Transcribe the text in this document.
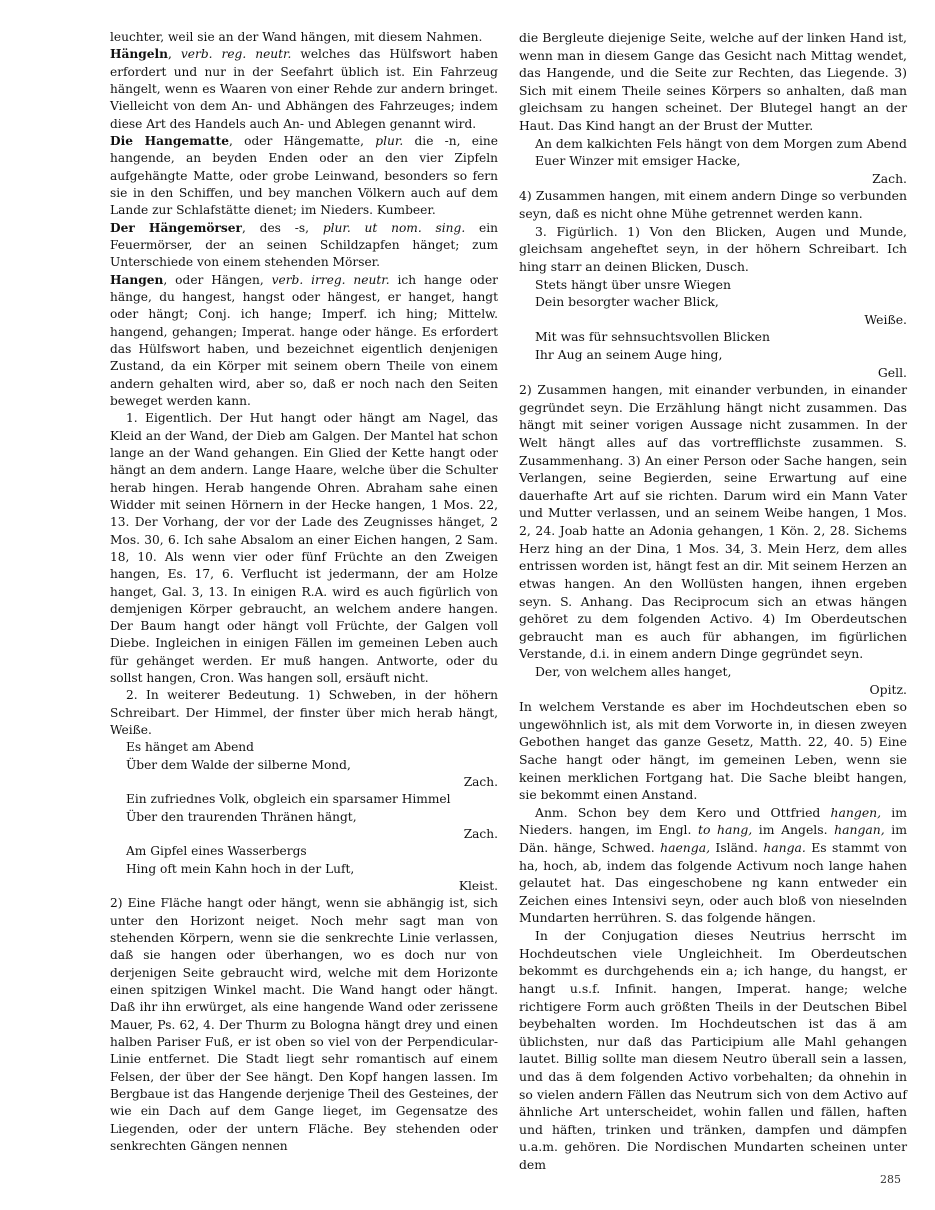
leuchter, weil sie an der Wand hängen, mit diesem Nahmen.

Hängeln, verb. reg. neutr. welches das Hülfswort haben erfordert und nur in der Seefahrt üblich ist. Ein Fahrzeug hängelt, wenn es Waaren von einer Rehde zur andern bringet. Vielleicht von dem An- und Abhängen des Fahrzeuges; indem diese Art des Handels auch An- und Ablegen genannt wird.

Die Hangematte, oder Hängematte, plur. die -n, eine hangende, an beyden Enden oder an den vier Zipfeln aufgehängte Matte, oder grobe Leinwand, besonders so fern sie in den Schiffen, und bey manchen Völkern auch auf dem Lande zur Schlafstätte dienet; im Nieders. Kumbeer.

Der Hängemörser, des -s, plur. ut nom. sing. ein Feuermörser, der an seinen Schildzapfen hänget; zum Unterschiede von einem stehenden Mörser.

Hangen, oder Hängen, verb. irreg. neutr. ich hange oder hänge, du hangest, hangst oder hängest, er hanget, hangt oder hängt; Conj. ich hange; Imperf. ich hing; Mittelw. hangend, gehangen; Imperat. hange oder hänge. Es erfordert das Hülfswort haben, und bezeichnet eigentlich denjenigen Zustand, da ein Körper mit seinem obern Theile von einem andern gehalten wird, aber so, daß er noch nach den Seiten beweget werden kann.

1. Eigentlich. Der Hut hangt oder hängt am Nagel, das Kleid an der Wand, der Dieb am Galgen. Der Mantel hat schon lange an der Wand gehangen. Ein Glied der Kette hangt oder hängt an dem andern. Lange Haare, welche über die Schulter herab hingen. Herab hangende Ohren. Abraham sahe einen Widder mit seinen Hörnern in der Hecke hangen, 1 Mos. 22, 13. Der Vorhang, der vor der Lade des Zeugnisses hänget, 2 Mos. 30, 6. Ich sahe Absalom an einer Eichen hangen, 2 Sam. 18, 10. Als wenn vier oder fünf Früchte an den Zweigen hangen, Es. 17, 6. Verflucht ist jedermann, der am Holze hanget, Gal. 3, 13. In einigen R.A. wird es auch figürlich von demjenigen Körper gebraucht, an welchem andere hangen. Der Baum hangt oder hängt voll Früchte, der Galgen voll Diebe. Ingleichen in einigen Fällen im gemeinen Leben auch für gehänget werden. Er muß hangen. Antworte, oder du sollst hangen, Cron. Was hangen soll, ersäuft nicht.

2. In weiterer Bedeutung. 1) Schweben, in der höhern Schreibart. Der Himmel, der finster über mich herab hängt, Weiße.

Es hänget am Abend

Über dem Walde der silberne Mond,

Zach.

Ein zufriednes Volk, obgleich ein sparsamer Himmel

Über den traurenden Thränen hängt,

Zach.

Am Gipfel eines Wasserbergs

Hing oft mein Kahn hoch in der Luft,

Kleist.

2) Eine Fläche hangt oder hängt, wenn sie abhängig ist, sich unter den Horizont neiget. Noch mehr sagt man von stehenden Körpern, wenn sie die senkrechte Linie verlassen, daß sie hangen oder überhangen, wo es doch nur von derjenigen Seite gebraucht wird, welche mit dem Horizonte einen spitzigen Winkel macht. Die Wand hangt oder hängt. Daß ihr ihn erwürget, als eine hangende Wand oder zerissene Mauer, Ps. 62, 4. Der Thurm zu Bologna hängt drey und einen halben Pariser Fuß, er ist oben so viel von der Perpendicular-Linie entfernet. Die Stadt liegt sehr romantisch auf einem Felsen, der über der See hängt. Den Kopf hangen lassen. Im Bergbaue ist das Hangende derjenige Theil des Gesteines, der wie ein Dach auf dem Gange lieget, im Gegensatze des Liegenden, oder der untern Fläche. Bey stehenden oder senkrechten Gängen nennen

die Bergleute diejenige Seite, welche auf der linken Hand ist, wenn man in diesem Gange das Gesicht nach Mittag wendet, das Hangende, und die Seite zur Rechten, das Liegende. 3) Sich mit einem Theile seines Körpers so anhalten, daß man gleichsam zu hangen scheinet. Der Blutegel hangt an der Haut. Das Kind hangt an der Brust der Mutter.

An dem kalkichten Fels hängt von dem Morgen zum Abend

Euer Winzer mit emsiger Hacke,

Zach.

4) Zusammen hangen, mit einem andern Dinge so verbunden seyn, daß es nicht ohne Mühe getrennet werden kann.

3. Figürlich. 1) Von den Blicken, Augen und Munde, gleichsam angeheftet seyn, in der höhern Schreibart. Ich hing starr an deinen Blicken, Dusch.

Stets hängt über unsre Wiegen

Dein besorgter wacher Blick,

Weiße.

Mit was für sehnsuchtsvollen Blicken

Ihr Aug an seinem Auge hing,

Gell.

2) Zusammen hangen, mit einander verbunden, in einander gegründet seyn. Die Erzählung hängt nicht zusammen. Das hängt mit seiner vorigen Aussage nicht zusammen. In der Welt hängt alles auf das vortrefflichste zusammen. S. Zusammenhang. 3) An einer Person oder Sache hangen, sein Verlangen, seine Begierden, seine Erwartung auf eine dauerhafte Art auf sie richten. Darum wird ein Mann Vater und Mutter verlassen, und an seinem Weibe hangen, 1 Mos. 2, 24. Joab hatte an Adonia gehangen, 1 Kön. 2, 28. Sichems Herz hing an der Dina, 1 Mos. 34, 3. Mein Herz, dem alles entrissen worden ist, hängt fest an dir. Mit seinem Herzen an etwas hangen. An den Wollüsten hangen, ihnen ergeben seyn. S. Anhang. Das Reciprocum sich an etwas hängen gehöret zu dem folgenden Activo. 4) Im Oberdeutschen gebraucht man es auch für abhangen, im figürlichen Verstande, d.i. in einem andern Dinge gegründet seyn.

Der, von welchem alles hanget,

Opitz.

In welchem Verstande es aber im Hochdeutschen eben so ungewöhnlich ist, als mit dem Vorworte in, in diesen zweyen Gebothen hanget das ganze Gesetz, Matth. 22, 40. 5) Eine Sache hangt oder hängt, im gemeinen Leben, wenn sie keinen merklichen Fortgang hat. Die Sache bleibt hangen, sie bekommt einen Anstand.

Anm. Schon bey dem Kero und Ottfried hangen, im Nieders. hangen, im Engl. to hang, im Angels. hangan, im Dän. hänge, Schwed. haenga, Isländ. hanga. Es stammt von ha, hoch, ab, indem das folgende Activum noch lange hahen gelautet hat. Das eingeschobene ng kann entweder ein Zeichen eines Intensivi seyn, oder auch bloß von nieselnden Mundarten herrühren. S. das folgende hängen.

In der Conjugation dieses Neutrius herrscht im Hochdeutschen viele Ungleichheit. Im Oberdeutschen bekommt es durchgehends ein a; ich hange, du hangst, er hangt u.s.f. Infinit. hangen, Imperat. hange; welche richtigere Form auch größten Theils in der Deutschen Bibel beybehalten worden. Im Hochdeutschen ist das ä am üblichsten, nur daß das Participium alle Mahl gehangen lautet. Billig sollte man diesem Neutro überall sein a lassen, und das ä dem folgenden Activo vorbehalten; da ohnehin in so vielen andern Fällen das Neutrum sich von dem Activo auf ähnliche Art unterscheidet, wohin fallen und fällen, haften und häften, trinken und tränken, dampfen und dämpfen u.a.m. gehören. Die Nordischen Mundarten scheinen unter dem

285
